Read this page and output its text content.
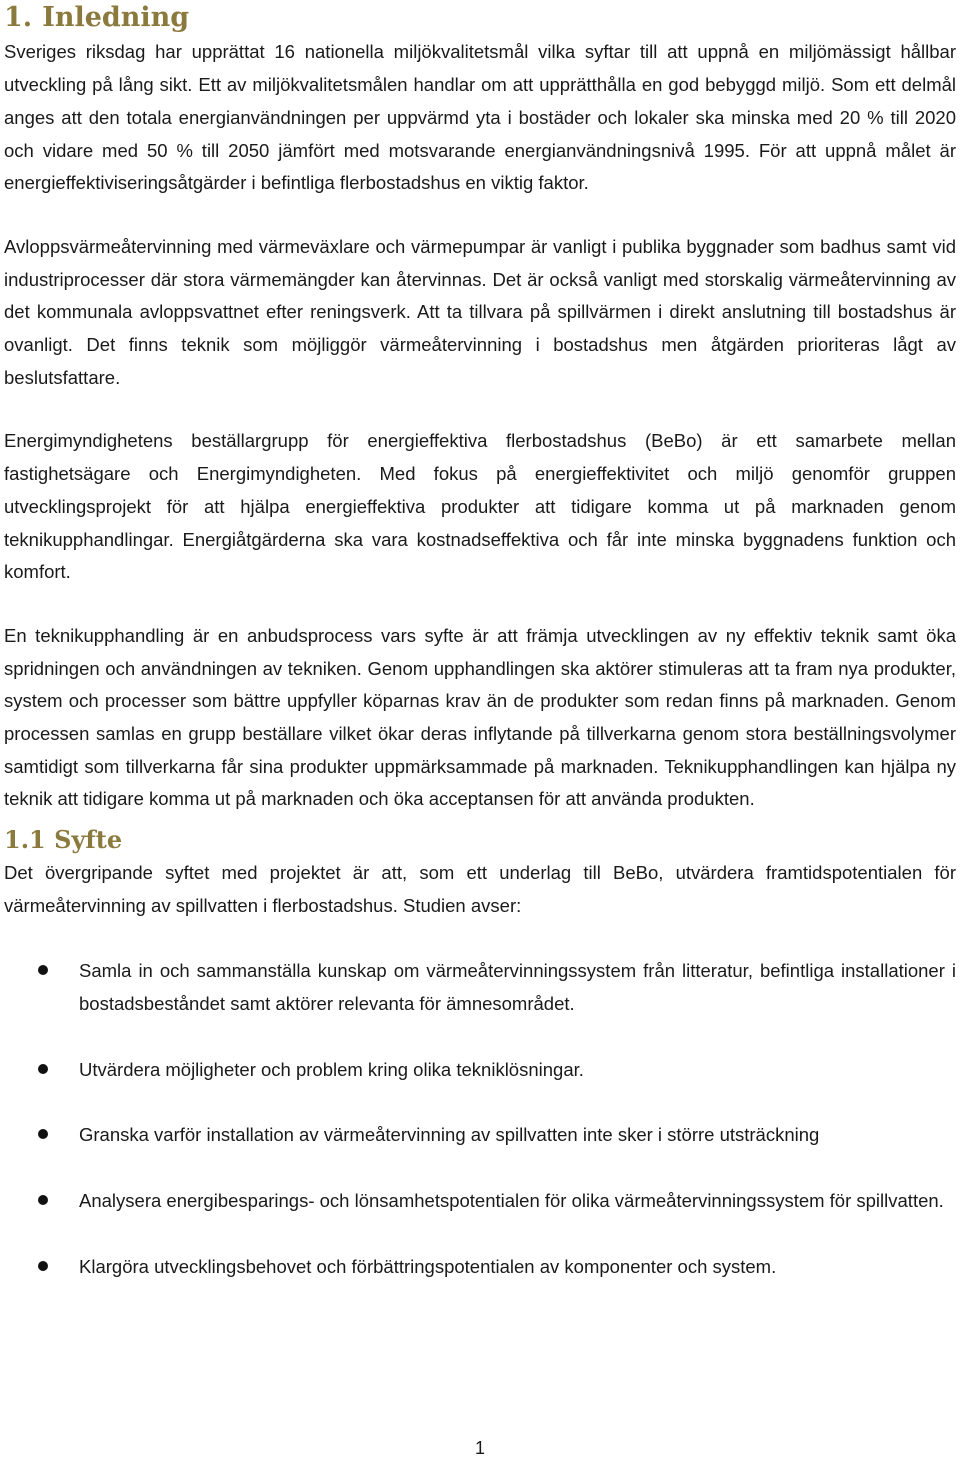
1. Inledning

Sveriges riksdag har upprättat 16 nationella miljökvalitetsmål vilka syftar till att uppnå en miljömässigt hållbar utveckling på lång sikt. Ett av miljökvalitetsmålen handlar om att upprätthålla en god bebyggd miljö. Som ett delmål anges att den totala energianvändningen per uppvärmd yta i bostäder och lokaler ska minska med 20 % till 2020 och vidare med 50 % till 2050 jämfört med motsvarande energianvändningsnivå 1995. För att uppnå målet är energieffektiviseringsåtgärder i befintliga flerbostadshus en viktig faktor.

Avloppsvärmeåtervinning med värmeväxlare och värmepumpar är vanligt i publika byggnader som badhus samt vid industriprocesser där stora värmemängder kan återvinnas. Det är också vanligt med storskalig värmeåtervinning av det kommunala avloppsvattnet efter reningsverk. Att ta tillvara på spillvärmen i direkt anslutning till bostadshus är ovanligt. Det finns teknik som möjliggör värmeåtervinning i bostadshus men åtgärden prioriteras lågt av beslutsfattare.

Energimyndighetens beställargrupp för energieffektiva flerbostadshus (BeBo) är ett samarbete mellan fastighetsägare och Energimyndigheten. Med fokus på energieffektivitet och miljö genomför gruppen utvecklingsprojekt för att hjälpa energieffektiva produkter att tidigare komma ut på marknaden genom teknikupphandlingar. Energiåtgärderna ska vara kostnadseffektiva och får inte minska byggnadens funktion och komfort.

En teknikupphandling är en anbudsprocess vars syfte är att främja utvecklingen av ny effektiv teknik samt öka spridningen och användningen av tekniken. Genom upphandlingen ska aktörer stimuleras att ta fram nya produkter, system och processer som bättre uppfyller köparnas krav än de produkter som redan finns på marknaden. Genom processen samlas en grupp beställare vilket ökar deras inflytande på tillverkarna genom stora beställningsvolymer samtidigt som tillverkarna får sina produkter uppmärksammade på marknaden. Teknikupphandlingen kan hjälpa ny teknik att tidigare komma ut på marknaden och öka acceptansen för att använda produkten.

1.1 Syfte

Det övergripande syftet med projektet är att, som ett underlag till BeBo, utvärdera framtidspotentialen för värmeåtervinning av spillvatten i flerbostadshus. Studien avser:

Samla in och sammanställa kunskap om värmeåtervinningssystem från litteratur, befintliga installationer i bostadsbeståndet samt aktörer relevanta för ämnesområdet.
Utvärdera möjligheter och problem kring olika tekniklösningar.
Granska varför installation av värmeåtervinning av spillvatten inte sker i större utsträckning
Analysera energibesparings- och lönsamhetspotentialen för olika värmeåtervinningssystem för spillvatten.
Klargöra utvecklingsbehovet och förbättringspotentialen av komponenter och system.
1
